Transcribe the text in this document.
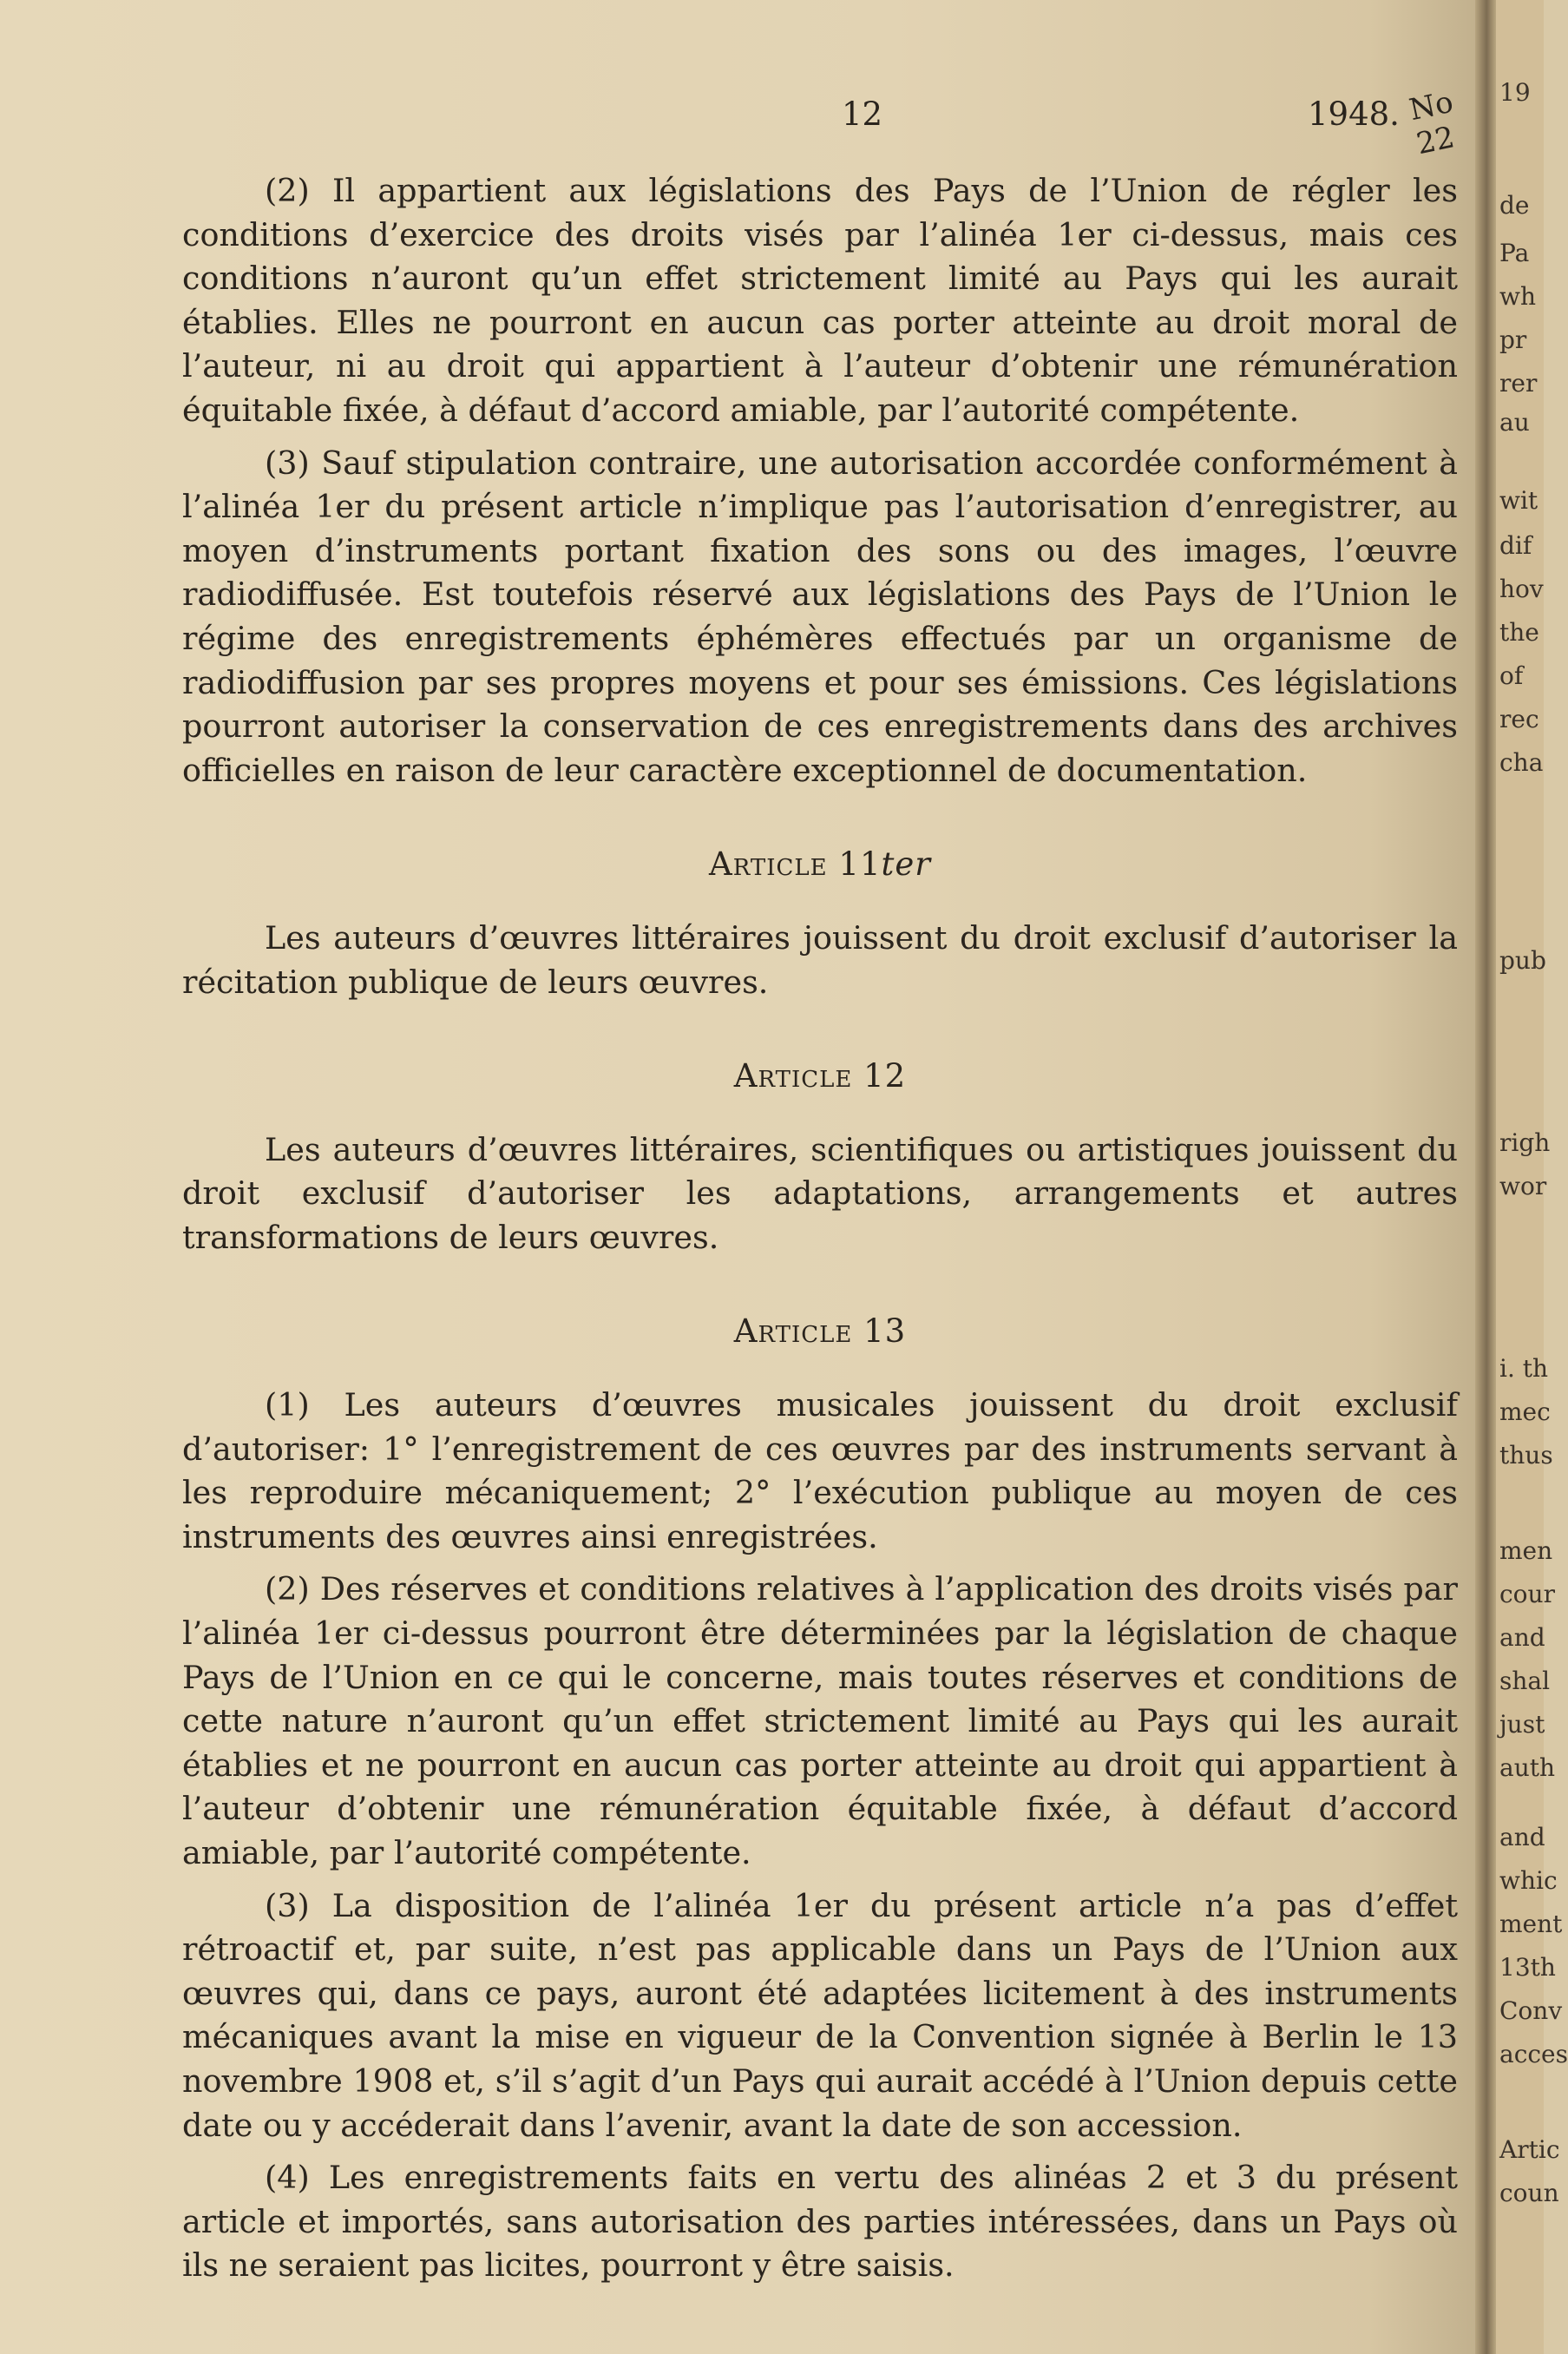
12	1948. No 22

(2) Il appartient aux législations des Pays de l’Union de régler les conditions d’exercice des droits visés par l’alinéa 1er ci-dessus, mais ces conditions n’auront qu’un effet strictement limité au Pays qui les aurait établies. Elles ne pourront en aucun cas porter atteinte au droit moral de l’auteur, ni au droit qui appartient à l’auteur d’obtenir une rémunération équitable fixée, à défaut d’accord amiable, par l’autorité compétente.

(3) Sauf stipulation contraire, une autorisation accordée conformément à l’alinéa 1er du présent article n’implique pas l’autorisation d’enregistrer, au moyen d’instruments portant fixation des sons ou des images, l’œuvre radiodiffusée. Est toutefois réservé aux législations des Pays de l’Union le régime des enregistrements éphémères effectués par un organisme de radiodiffusion par ses propres moyens et pour ses émissions. Ces législations pourront autoriser la conservation de ces enregistrements dans des archives officielles en raison de leur caractère exceptionnel de documentation.

Article 11ter

Les auteurs d’œuvres littéraires jouissent du droit exclusif d’autoriser la récitation publique de leurs œuvres.

Article 12

Les auteurs d’œuvres littéraires, scientifiques ou artistiques jouissent du droit exclusif d’autoriser les adaptations, arrangements et autres transformations de leurs œuvres.

Article 13

(1) Les auteurs d’œuvres musicales jouissent du droit exclusif d’autoriser: 1° l’enregistrement de ces œuvres par des instruments servant à les reproduire mécaniquement; 2° l’exécution publique au moyen de ces instruments des œuvres ainsi enregistrées.

(2) Des réserves et conditions relatives à l’application des droits visés par l’alinéa 1er ci-dessus pourront être déterminées par la législation de chaque Pays de l’Union en ce qui le concerne, mais toutes réserves et conditions de cette nature n’auront qu’un effet strictement limité au Pays qui les aurait établies et ne pourront en aucun cas porter atteinte au droit qui appartient à l’auteur d’obtenir une rémunération équitable fixée, à défaut d’accord amiable, par l’autorité compétente.

(3) La disposition de l’alinéa 1er du présent article n’a pas d’effet rétroactif et, par suite, n’est pas applicable dans un Pays de l’Union aux œuvres qui, dans ce pays, auront été adaptées licitement à des instruments mécaniques avant la mise en vigueur de la Convention signée à Berlin le 13 novembre 1908 et, s’il s’agit d’un Pays qui aurait accédé à l’Union depuis cette date ou y accéderait dans l’avenir, avant la date de son accession.

(4) Les enregistrements faits en vertu des alinéas 2 et 3 du présent article et importés, sans autorisation des parties intéressées, dans un Pays où ils ne seraient pas licites, pourront y être saisis.

19
de
Pa
wh
pr
rer
au
wit
dif
hov
the
of
rec
cha
pub
righ
wor
i. th
mec
thus
men
cour
and
shal
just
auth
and
whic
ment
13th
Conv
acces
Artic
coun
